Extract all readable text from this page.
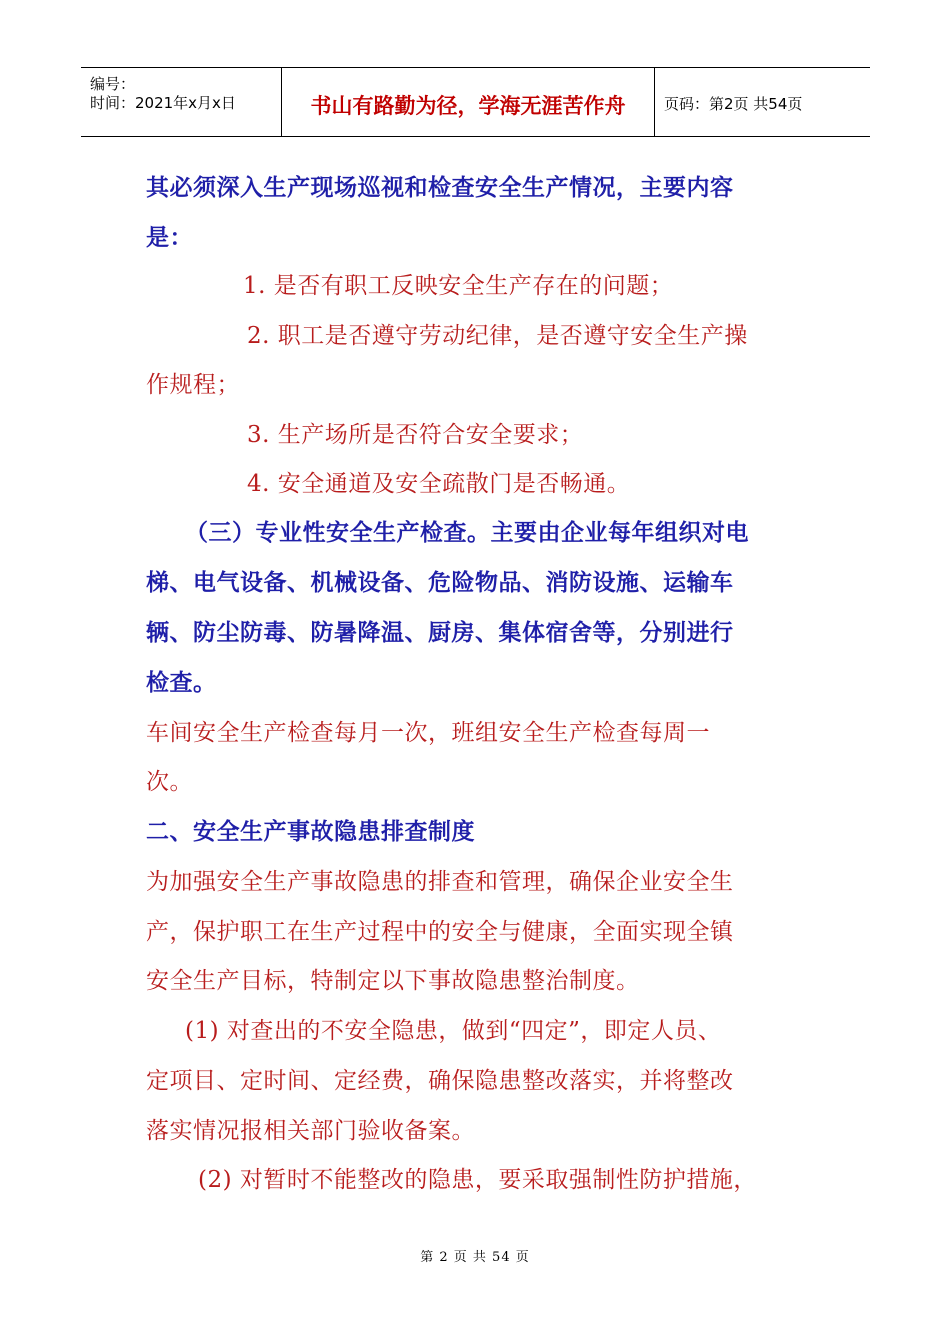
编号：
时间：2021年x月x日	书山有路勤为径，学海无涯苦作舟	页码：第2页 共54页
其必须深入生产现场巡视和检查安全生产情况，主要内容
是：
1. 是否有职工反映安全生产存在的问题；
2. 职工是否遵守劳动纪律，是否遵守安全生产操
作规程；
3. 生产场所是否符合安全要求；
4. 安全通道及安全疏散门是否畅通。
（三）专业性安全生产检查。主要由企业每年组织对电
梯、电气设备、机械设备、危险物品、消防设施、运输车
辆、防尘防毒、防暑降温、厨房、集体宿舍等，分别进行
检查。
车间安全生产检查每月一次，班组安全生产检查每周一
次。
二、安全生产事故隐患排查制度
为加强安全生产事故隐患的排查和管理，确保企业安全生
产，保护职工在生产过程中的安全与健康，全面实现全镇
安全生产目标，特制定以下事故隐患整治制度。
(1) 对查出的不安全隐患，做到“四定”，即定人员、
定项目、定时间、定经费，确保隐患整改落实，并将整改
落实情况报相关部门验收备案。
(2) 对暂时不能整改的隐患，要采取强制性防护措施，
第 2 页 共 54 页
